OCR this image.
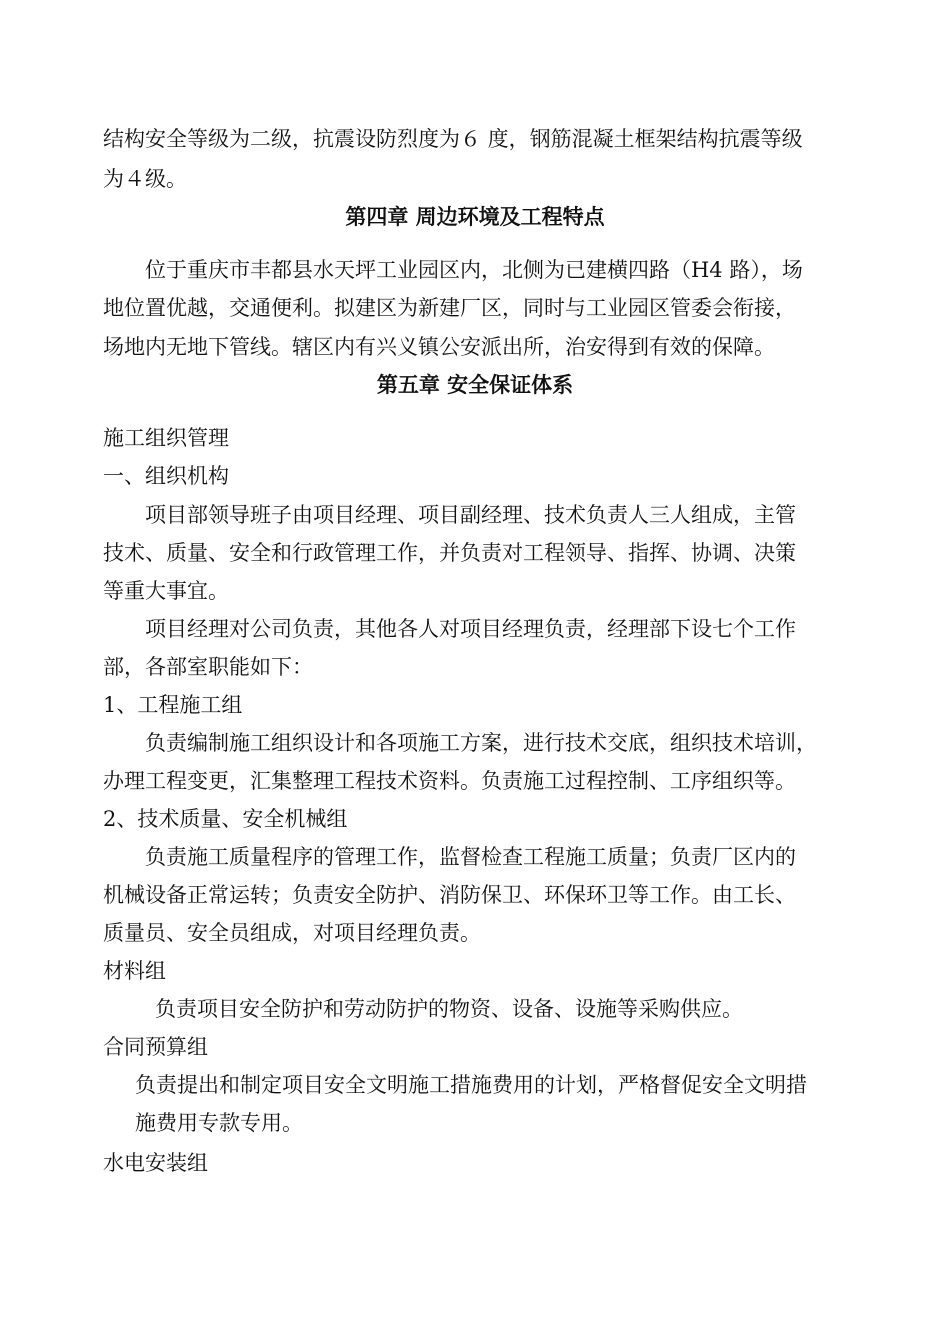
结构安全等级为二级，抗震设防烈度为６ 度，钢筋混凝土框架结构抗震等级
为４级。
第四章 周边环境及工程特点
位于重庆市丰都县水天坪工业园区内，北侧为已建横四路（H4 路），场
地位置优越，交通便利。拟建区为新建厂区，同时与工业园区管委会衔接，
场地内无地下管线。辖区内有兴义镇公安派出所，治安得到有效的保障。
第五章 安全保证体系
施工组织管理
一、组织机构
项目部领导班子由项目经理、项目副经理、技术负责人三人组成，主管
技术、质量、安全和行政管理工作，并负责对工程领导、指挥、协调、决策
等重大事宜。
项目经理对公司负责，其他各人对项目经理负责，经理部下设七个工作
部，各部室职能如下：
1、工程施工组
负责编制施工组织设计和各项施工方案，进行技术交底，组织技术培训，
办理工程变更，汇集整理工程技术资料。负责施工过程控制、工序组织等。
2、技术质量、安全机械组
负责施工质量程序的管理工作，监督检查工程施工质量；负责厂区内的
机械设备正常运转；负责安全防护、消防保卫、环保环卫等工作。由工长、
质量员、安全员组成，对项目经理负责。
材料组
负责项目安全防护和劳动防护的物资、设备、设施等采购供应。
合同预算组
负责提出和制定项目安全文明施工措施费用的计划，严格督促安全文明措
施费用专款专用。
水电安装组
